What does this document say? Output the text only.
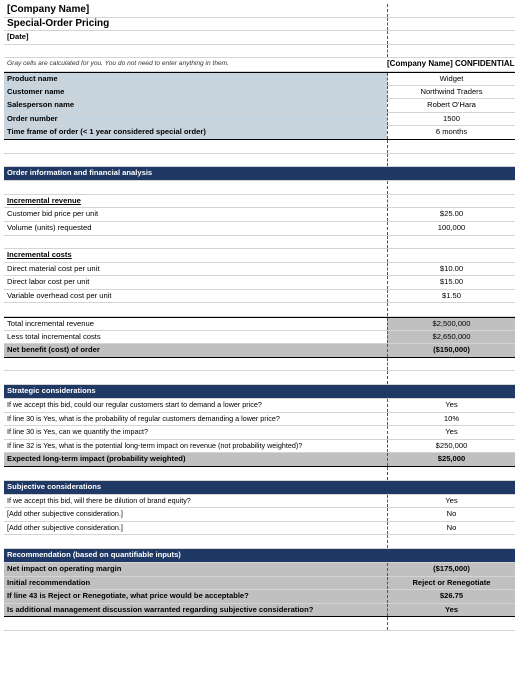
[Company Name]
Special-Order Pricing
[Date]
Gray cells are calculated for you. You do not need to enter anything in them.	[Company Name] CONFIDENTIAL
Product name	Widget
Customer name	Northwind Traders
Salesperson name	Robert O'Hara
Order number	1500
Time frame of order (< 1 year considered special order)	6 months
Order information and financial analysis
Incremental revenue
Customer bid price per unit	$25.00
Volume (units) requested	100,000
Incremental costs
Direct material cost per unit	$10.00
Direct labor cost per unit	$15.00
Variable overhead cost per unit	$1.50
Total incremental revenue	$2,500,000
Less total incremental costs	$2,650,000
Net benefit (cost) of order	($150,000)
Strategic considerations
If we accept this bid, could our regular customers start to demand a lower price?	Yes
If line 30 is Yes, what is the probability of regular customers demanding a lower price?	10%
If line 30 is Yes, can we quantify the impact?	Yes
If line 32 is Yes, what is the potential long-term impact on revenue (not probability weighted)?	$250,000
Expected long-term impact (probability weighted)	$25,000
Subjective considerations
If we accept this bid, will there be dilution of brand equity?	Yes
[Add other subjective consideration.]	No
[Add other subjective consideration.]	No
Recommendation (based on quantifiable inputs)
Net impact on operating margin	($175,000)
Initial recommendation	Reject or Renegotiate
If line 43 is Reject or Renegotiate, what price would be acceptable?	$26.75
Is additional management discussion warranted regarding subjective consideration?	Yes
